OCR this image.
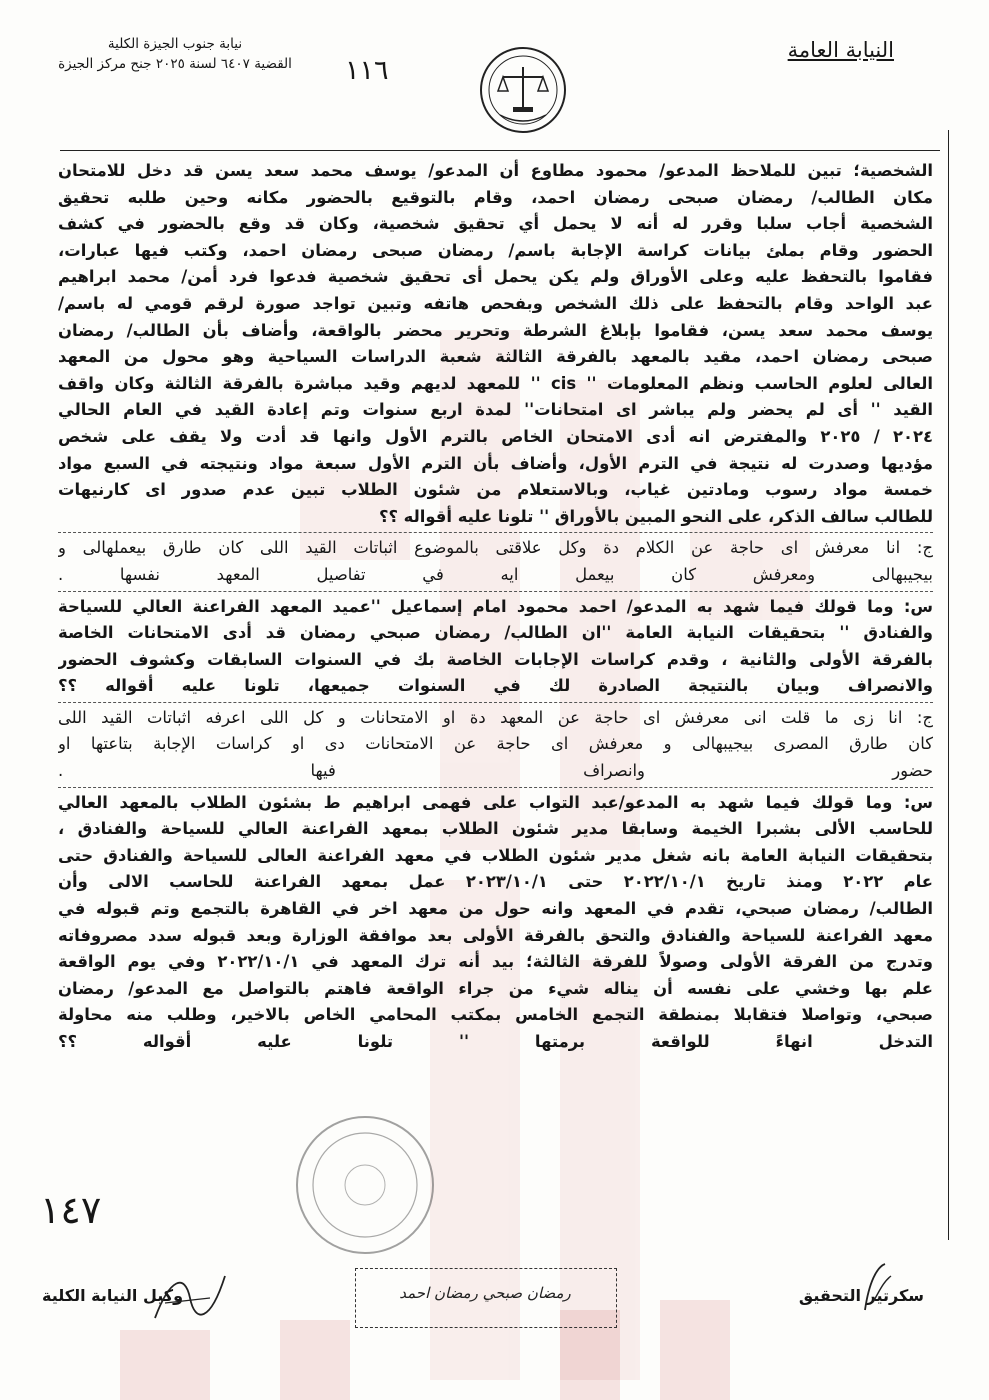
النيابة العامة
نيابة جنوب الجيزة الكلية
القضية ٦٤٠٧ لسنة ٢٠٢٥ جنح مركز الجيزة	١١٦
الشخصية؛ تبين للملاحظ المدعو/ محمود مطاوع أن المدعو/ يوسف محمد سعد يسن قد دخل للامتحان
مكان الطالب/ رمضان صبحى رمضان احمد، وقام بالتوقيع بالحضور مكانه وحين طلبه تحقيق
الشخصية أجاب سلبا وقرر له أنه لا يحمل أي تحقيق شخصية، وكان قد وقع بالحضور في كشف
الحضور وقام بملئ بيانات كراسة الإجابة باسم/ رمضان صبحى رمضان احمد، وكتب فيها عبارات،
فقاموا بالتحفظ عليه وعلى الأوراق ولم يكن يحمل أى تحقيق شخصية فدعوا فرد أمن/ محمد ابراهيم
عبد الواحد وقام بالتحفظ على ذلك الشخص وبفحص هاتفه وتبين تواجد صورة لرقم قومي له باسم/
يوسف محمد سعد يسن، فقاموا بإبلاغ الشرطة وتحرير محضر بالواقعة، وأضاف بأن الطالب/ رمضان
صبحى رمضان احمد، مقيد بالمعهد بالفرقة الثالثة شعبة الدراسات السياحية وهو محول من المعهد
العالى لعلوم الحاسب ونظم المعلومات '' cis '' للمعهد لديهم وقيد مباشرة بالفرقة الثالثة وكان واقف
القيد '' أى لم يحضر ولم يباشر اى امتحانات'' لمدة اربع سنوات وتم إعادة القيد في العام الحالي
٢٠٢٤ / ٢٠٢٥ والمفترض انه أدى الامتحان الخاص بالترم الأول وانها قد أدت ولا يقف على شخص
مؤديها وصدرت له نتيجة في الترم الأول، وأضاف بأن الترم الأول سبعة مواد ونتيجته في السبع مواد
خمسة مواد رسوب ومادتين غياب، وبالاستعلام من شئون الطلاب تبين عدم صدور اى كارنيهات
للطالب سالف الذكر، على النحو المبين بالأوراق '' تلونا عليه أقواله ؟؟
ج: انا معرفش اى حاجة عن الكلام دة وكل علاقتى بالموضوع اثباتات القيد اللى كان طارق بيعملهالى و
بيجيبهالى ومعرفش كان بيعمل ايه في تفاصيل المعهد نفسها .
س: وما قولك فيما شهد به المدعو/ احمد محمود امام إسماعيل ''عميد المعهد الفراعنة العالي للسياحة
والفنادق '' بتحقيقات النيابة العامة ''ان الطالب/ رمضان صبحي رمضان قد أدى الامتحانات الخاصة
بالفرقة الأولى والثانية ، وقدم كراسات الإجابات الخاصة بك في السنوات السابقات وكشوف الحضور
والانصراف وبيان بالنتيجة الصادرة لك في السنوات جميعها، تلونا عليه أقواله ؟؟
ج: انا زى ما قلت انى معرفش اى حاجة عن المعهد دة او الامتحانات و كل اللى اعرفه اثباتات القيد اللى
كان طارق المصرى بيجيبهالى و معرفش اى حاجة عن الامتحانات دى او كراسات الإجابة بتاعتها او
حضور وانصراف فيها .
س: وما قولك فيما شهد به المدعو/عبد التواب على فهمى ابراهيم ط بشئون الطلاب بالمعهد العالي
للحاسب الألى بشبرا الخيمة وسابقا مدير شئون الطلاب بمعهد الفراعنة العالي للسياحة والفنادق ،
بتحقيقات النيابة العامة بانه شغل مدير شئون الطلاب في معهد الفراعنة العالى للسياحة والفنادق حتى
عام ٢٠٢٢ ومنذ تاريخ ٢٠٢٢/١٠/١ حتى ٢٠٢٣/١٠/١ عمل بمعهد الفراعنة للحاسب الالى وأن
الطالب/ رمضان صبحي، تقدم في المعهد وانه حول من معهد اخر في القاهرة بالتجمع وتم قبوله في
معهد الفراعنة للسياحة والفنادق والتحق بالفرقة الأولى بعد موافقة الوزارة وبعد قبوله سدد مصروفاته
وتدرج من الفرقة الأولى وصولاً للفرقة الثالثة؛ بيد أنه ترك المعهد في ٢٠٢٢/١٠/١ وفي يوم الواقعة
علم بها وخشي على نفسه أن يناله شيء من جراء الواقعة فاهتم بالتواصل مع المدعو/ رمضان
صبحي، وتواصلا فتقابلا بمنطقة التجمع الخامس بمكتب المحامي الخاص بالاخير، وطلب منه محاولة
التدخل انهاءً للواقعة برمتها '' تلونا عليه أقواله ؟؟
١٤٧
وكيل النيابة الكلية	رمضان صبحي رمضان احمد	سكرتير التحقيق
